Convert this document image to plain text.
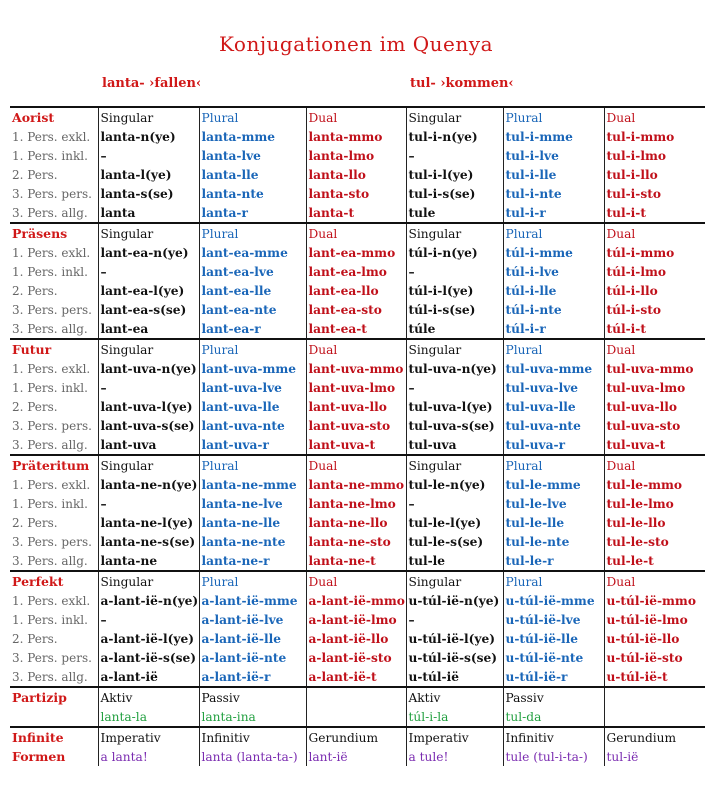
Konjugationen im Quenya
lanta- ›fallen‹	tul- ›kommen‹
Aorist	Singular	Plural	Dual	Singular	Plural	Dual
1. Pers. exkl.	lanta-n(ye)	lanta-mme	lanta-mmo	tul-i-n(ye)	tul-i-mme	tul-i-mmo
1. Pers. inkl.	–	lanta-lve	lanta-lmo	–	tul-i-lve	tul-i-lmo
2. Pers.	lanta-l(ye)	lanta-lle	lanta-llo	tul-i-l(ye)	tul-i-lle	tul-i-llo
3. Pers. pers.	lanta-s(se)	lanta-nte	lanta-sto	tul-i-s(se)	tul-i-nte	tul-i-sto
3. Pers. allg.	lanta	lanta-r	lanta-t	tule	tul-i-r	tul-i-t
Präsens	Singular	Plural	Dual	Singular	Plural	Dual
1. Pers. exkl.	lant-ea-n(ye)	lant-ea-mme	lant-ea-mmo	túl-i-n(ye)	túl-i-mme	túl-i-mmo
1. Pers. inkl.	–	lant-ea-lve	lant-ea-lmo	–	túl-i-lve	túl-i-lmo
2. Pers.	lant-ea-l(ye)	lant-ea-lle	lant-ea-llo	túl-i-l(ye)	túl-i-lle	túl-i-llo
3. Pers. pers.	lant-ea-s(se)	lant-ea-nte	lant-ea-sto	túl-i-s(se)	túl-i-nte	túl-i-sto
3. Pers. allg.	lant-ea	lant-ea-r	lant-ea-t	túle	túl-i-r	túl-i-t
Futur	Singular	Plural	Dual	Singular	Plural	Dual
1. Pers. exkl.	lant-uva-n(ye)	lant-uva-mme	lant-uva-mmo	tul-uva-n(ye)	tul-uva-mme	tul-uva-mmo
1. Pers. inkl.	–	lant-uva-lve	lant-uva-lmo	–	tul-uva-lve	tul-uva-lmo
2. Pers.	lant-uva-l(ye)	lant-uva-lle	lant-uva-llo	tul-uva-l(ye)	tul-uva-lle	tul-uva-llo
3. Pers. pers.	lant-uva-s(se)	lant-uva-nte	lant-uva-sto	tul-uva-s(se)	tul-uva-nte	tul-uva-sto
3. Pers. allg.	lant-uva	lant-uva-r	lant-uva-t	tul-uva	tul-uva-r	tul-uva-t
Präteritum	Singular	Plural	Dual	Singular	Plural	Dual
1. Pers. exkl.	lanta-ne-n(ye)	lanta-ne-mme	lanta-ne-mmo	tul-le-n(ye)	tul-le-mme	tul-le-mmo
1. Pers. inkl.	–	lanta-ne-lve	lanta-ne-lmo	–	tul-le-lve	tul-le-lmo
2. Pers.	lanta-ne-l(ye)	lanta-ne-lle	lanta-ne-llo	tul-le-l(ye)	tul-le-lle	tul-le-llo
3. Pers. pers.	lanta-ne-s(se)	lanta-ne-nte	lanta-ne-sto	tul-le-s(se)	tul-le-nte	tul-le-sto
3. Pers. allg.	lanta-ne	lanta-ne-r	lanta-ne-t	tul-le	tul-le-r	tul-le-t
Perfekt	Singular	Plural	Dual	Singular	Plural	Dual
1. Pers. exkl.	a-lant-ië-n(ye)	a-lant-ië-mme	a-lant-ië-mmo	u-túl-ië-n(ye)	u-túl-ië-mme	u-túl-ië-mmo
1. Pers. inkl.	–	a-lant-ië-lve	a-lant-ië-lmo	–	u-túl-ië-lve	u-túl-ië-lmo
2. Pers.	a-lant-ië-l(ye)	a-lant-ië-lle	a-lant-ië-llo	u-túl-ië-l(ye)	u-túl-ië-lle	u-túl-ië-llo
3. Pers. pers.	a-lant-ië-s(se)	a-lant-ië-nte	a-lant-ië-sto	u-túl-ië-s(se)	u-túl-ië-nte	u-túl-ië-sto
3. Pers. allg.	a-lant-ië	a-lant-ië-r	a-lant-ië-t	u-túl-ië	u-túl-ië-r	u-túl-ië-t
Partizip	Aktiv	Passiv		Aktiv	Passiv	
	lanta-la	lanta-ina		túl-i-la	tul-da	
Infinite	Imperativ	Infinitiv	Gerundium	Imperativ	Infinitiv	Gerundium
Formen	a lanta!	lanta (lanta-ta-)	lant-ië	a tule!	tule (tul-i-ta-)	tul-ië
